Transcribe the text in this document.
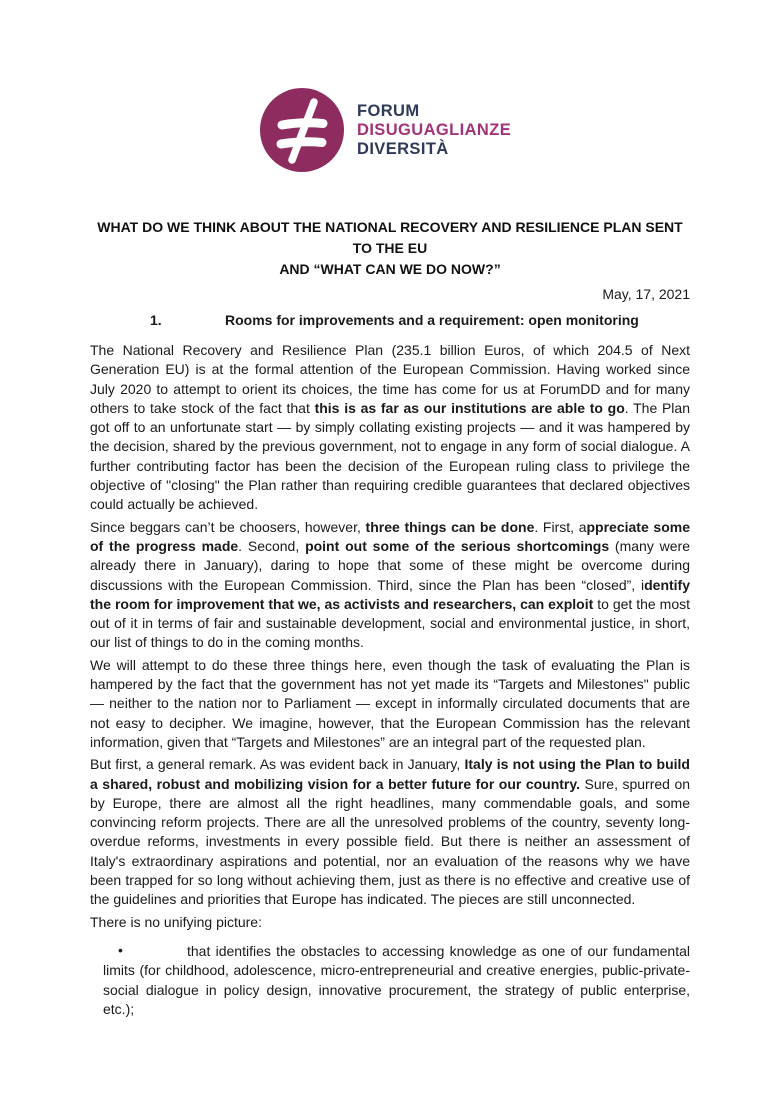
FORUM
DISUGUAGLIANZE
DIVERSITÀ
WHAT DO WE THINK ABOUT THE NATIONAL RECOVERY AND RESILIENCE PLAN SENT TO THE EU
AND “WHAT CAN WE DO NOW?”
May, 17, 2021
1.	Rooms for improvements and a requirement: open monitoring

The National Recovery and Resilience Plan (235.1 billion Euros, of which 204.5 of Next Generation EU) is at the formal attention of the European Commission. Having worked since July 2020 to attempt to orient its choices, the time has come for us at ForumDD and for many others to take stock of the fact that this is as far as our institutions are able to go. The Plan got off to an unfortunate start — by simply collating existing projects — and it was hampered by the decision, shared by the previous government, not to engage in any form of social dialogue. A further contributing factor has been the decision of the European ruling class to privilege the objective of "closing" the Plan rather than requiring credible guarantees that declared objectives could actually be achieved.

Since beggars can’t be choosers, however, three things can be done. First, appreciate some of the progress made. Second, point out some of the serious shortcomings (many were already there in January), daring to hope that some of these might be overcome during discussions with the European Commission. Third, since the Plan has been “closed”, identify the room for improvement that we, as activists and researchers, can exploit to get the most out of it in terms of fair and sustainable development, social and environmental justice, in short, our list of things to do in the coming months.

We will attempt to do these three things here, even though the task of evaluating the Plan is hampered by the fact that the government has not yet made its “Targets and Milestones" public — neither to the nation nor to Parliament — except in informally circulated documents that are not easy to decipher. We imagine, however, that the European Commission has the relevant information, given that “Targets and Milestones” are an integral part of the requested plan.

But first, a general remark. As was evident back in January, Italy is not using the Plan to build a shared, robust and mobilizing vision for a better future for our country. Sure, spurred on by Europe, there are almost all the right headlines, many commendable goals, and some convincing reform projects. There are all the unresolved problems of the country, seventy long-overdue reforms, investments in every possible field. But there is neither an assessment of Italy's extraordinary aspirations and potential, nor an evaluation of the reasons why we have been trapped for so long without achieving them, just as there is no effective and creative use of the guidelines and priorities that Europe has indicated. The pieces are still unconnected.

There is no unifying picture:

•	that identifies the obstacles to accessing knowledge as one of our fundamental limits (for childhood, adolescence, micro-entrepreneurial and creative energies, public-private-social dialogue in policy design, innovative procurement, the strategy of public enterprise, etc.);
